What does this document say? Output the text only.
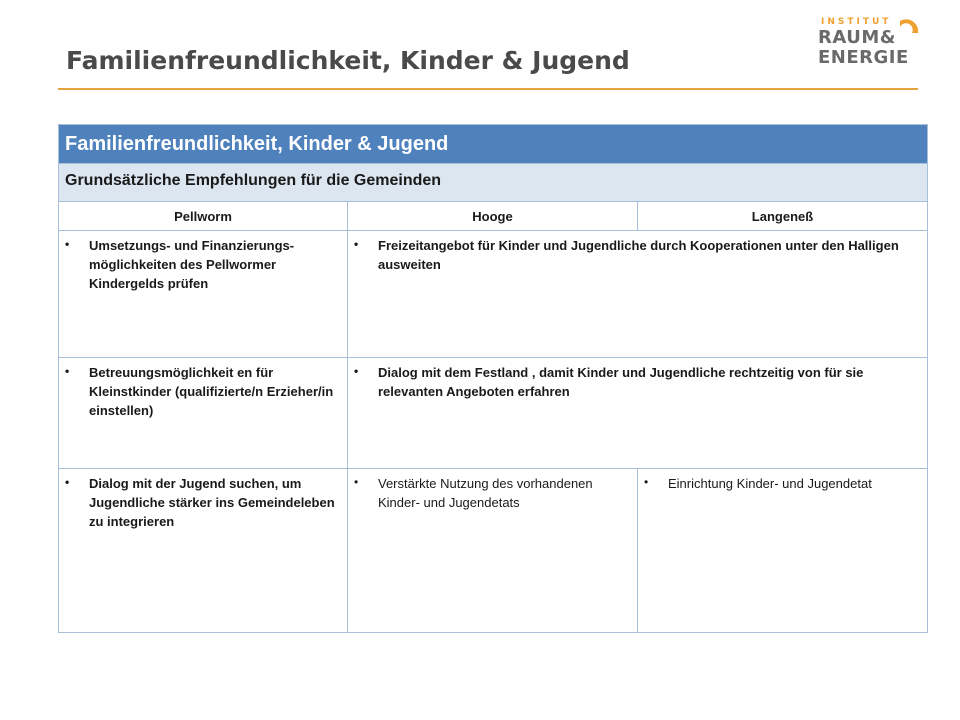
Familienfreundlichkeit, Kinder & Jugend
INSTITUT
RAUM&
ENERGIE
Familienfreundlichkeit, Kinder & Jugend		
Grundsätzliche Empfehlungen für die Gemeinden		
Pellworm	Hooge	Langeneß

• Umsetzungs- und Finanzierungs- möglichkeiten des Pellwormer Kindergelds prüfen	• Freizeitangebot für Kinder und Jugendliche durch Kooperationen unter den Halligen ausweiten	

• Betreuungsmöglichkeit en für Kleinstkinder (qualifizierte/n Erzieher/in einstellen)	• Dialog mit dem Festland , damit Kinder und Jugendliche rechtzeitig von für sie relevanten Angeboten erfahren	

• Dialog mit der Jugend suchen, um Jugendliche stärker ins Gemeindeleben zu integrieren	• Verstärkte Nutzung des vorhandenen Kinder- und Jugendetats	• Einrichtung Kinder- und Jugendetat
